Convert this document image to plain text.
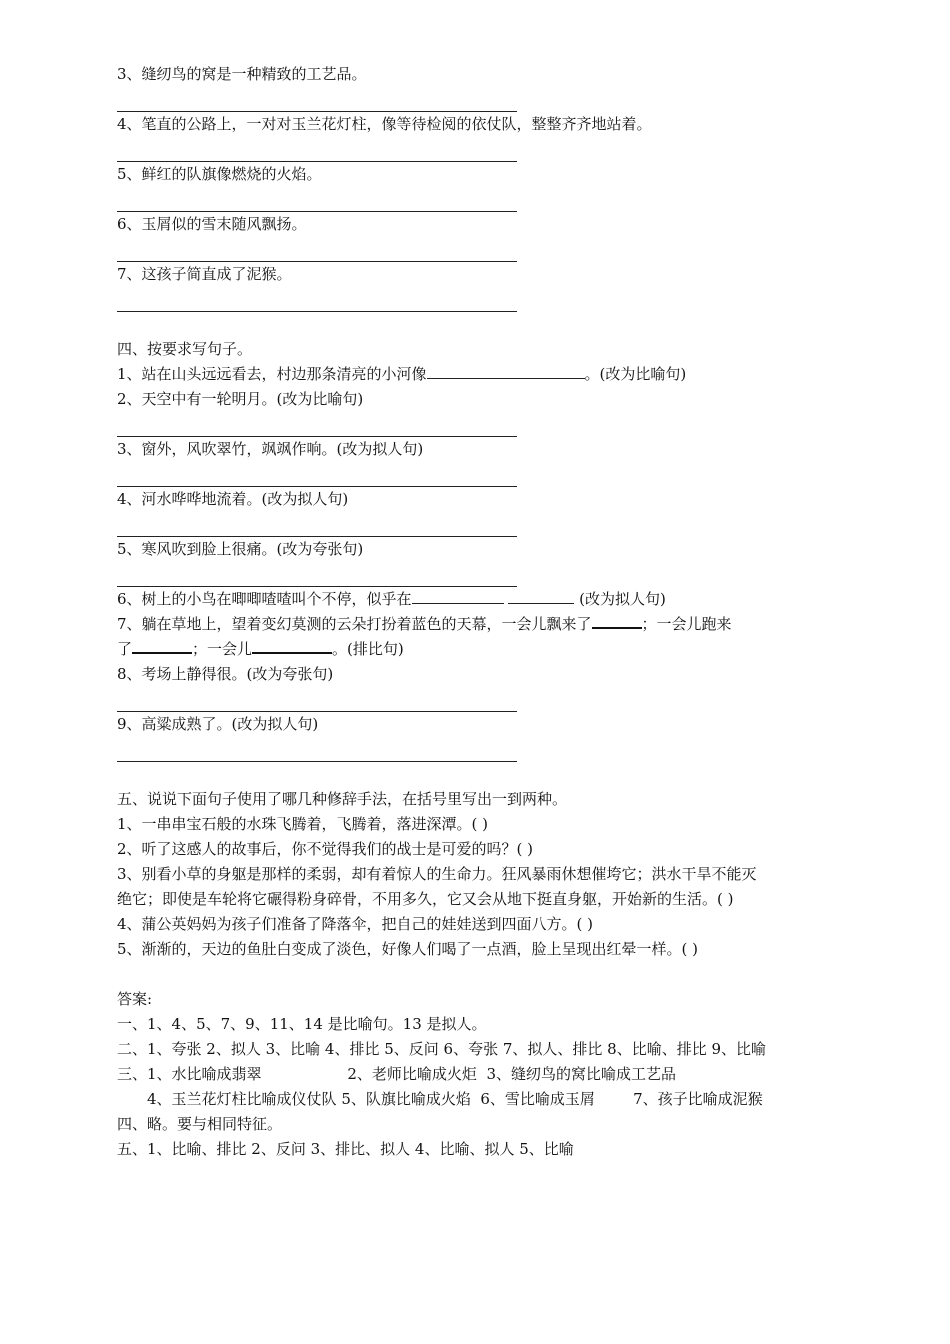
3、缝纫鸟的窝是一种精致的工艺品。
4、笔直的公路上，一对对玉兰花灯柱，像等待检阅的依仗队，整整齐齐地站着。
5、鲜红的队旗像燃烧的火焰。
6、玉屑似的雪末随风飘扬。
7、这孩子简直成了泥猴。
四、按要求写句子。
1、站在山头远远看去，村边那条清亮的小河像	。(改为比喻句)
2、天空中有一轮明月。(改为比喻句)
3、窗外，风吹翠竹，飒飒作响。(改为拟人句)
4、河水哗哗地流着。(改为拟人句)
5、寒风吹到脸上很痛。(改为夸张句)
6、树上的小鸟在唧唧喳喳叫个不停，似乎在	(改为拟人句)
7、躺在草地上，望着变幻莫测的云朵打扮着蓝色的天幕，一会儿飘来了	；一会儿跑来
了	；一会儿	。(排比句)
8、考场上静得很。(改为夸张句)
9、高粱成熟了。(改为拟人句)
五、说说下面句子使用了哪几种修辞手法，在括号里写出一到两种。
1、一串串宝石般的水珠飞腾着，飞腾着，落进深潭。( )
2、听了这感人的故事后，你不觉得我们的战士是可爱的吗？( )
3、别看小草的身躯是那样的柔弱，却有着惊人的生命力。狂风暴雨休想催垮它；洪水干旱不能灭
绝它；即使是车轮将它碾得粉身碎骨，不用多久，它又会从地下挺直身躯，开始新的生活。( )
4、蒲公英妈妈为孩子们准备了降落伞，把自己的娃娃送到四面八方。( )
5、渐渐的，天边的鱼肚白变成了淡色，好像人们喝了一点酒，脸上呈现出红晕一样。( )
答案:
一、1、4、5、7、9、11、14 是比喻句。13 是拟人。
二、1、夸张 2、拟人 3、比喻 4、排比 5、反问 6、夸张 7、拟人、排比 8、比喻、排比 9、比喻
三、1、水比喻成翡翠                  2、老师比喻成火炬  3、缝纫鸟的窝比喻成工艺品
4、玉兰花灯柱比喻成仪仗队 5、队旗比喻成火焰  6、雪比喻成玉屑        7、孩子比喻成泥猴
四、略。要与相同特征。
五、1、比喻、排比 2、反问 3、排比、拟人 4、比喻、拟人 5、比喻
